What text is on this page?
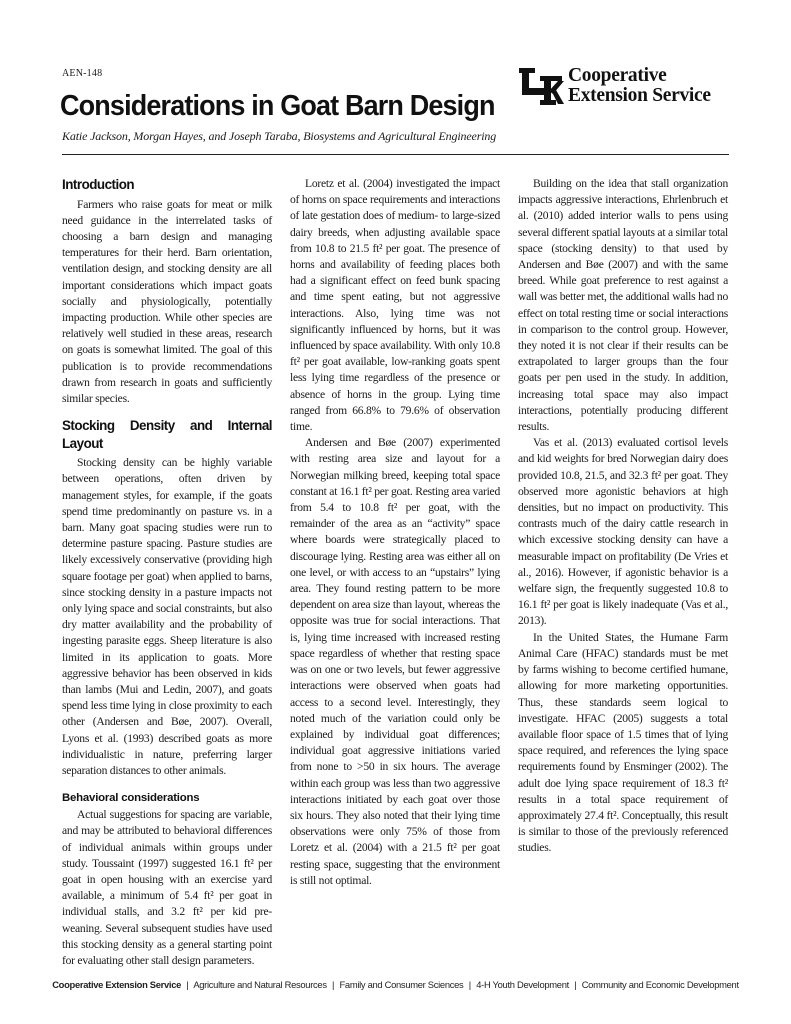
AEN-148
Considerations in Goat Barn Design
Cooperative
Extension Service
Katie Jackson, Morgan Hayes, and Joseph Taraba, Biosystems and Agricultural Engineering
Introduction

Farmers who raise goats for meat or milk need guidance in the interrelated tasks of choosing a barn design and managing temperatures for their herd. Barn orientation, ventilation design, and stocking density are all important considerations which impact goats socially and physiologically, potentially impacting production. While other species are relatively well studied in these areas, research on goats is somewhat limited. The goal of this publication is to provide recommendations drawn from research in goats and sufficiently similar species.

Stocking Density and Internal Layout

Stocking density can be highly variable between operations, often driven by management styles, for example, if the goats spend time predominantly on pasture vs. in a barn. Many goat spacing studies were run to determine pasture spacing. Pasture studies are likely excessively conservative (providing high square footage per goat) when applied to barns, since stocking density in a pasture impacts not only lying space and social constraints, but also dry matter availability and the probability of ingesting parasite eggs. Sheep literature is also limited in its application to goats. More aggressive behavior has been observed in kids than lambs (Mui and Ledin, 2007), and goats spend less time lying in close proximity to each other (Andersen and Bøe, 2007). Overall, Lyons et al. (1993) described goats as more individualistic in nature, preferring larger separation distances to other animals.

Behavioral considerations

Actual suggestions for spacing are variable, and may be attributed to behavioral differences of individual animals within groups under study. Toussaint (1997) suggested 16.1 ft² per goat in open housing with an exercise yard available, a minimum of 5.4 ft² per goat in individual stalls, and 3.2 ft² per kid pre-weaning. Several subsequent studies have used this stocking density as a general starting point for evaluating other stall design parameters.

Loretz et al. (2004) investigated the impact of horns on space requirements and interactions of late gestation does of medium- to large-sized dairy breeds, when adjusting available space from 10.8 to 21.5 ft² per goat. The presence of horns and availability of feeding places both had a significant effect on feed bunk spacing and time spent eating, but not aggressive interactions. Also, lying time was not significantly influenced by horns, but it was influenced by space availability. With only 10.8 ft² per goat available, low-ranking goats spent less lying time regardless of the presence or absence of horns in the group. Lying time ranged from 66.8% to 79.6% of observation time.

Andersen and Bøe (2007) experimented with resting area size and layout for a Norwegian milking breed, keeping total space constant at 16.1 ft² per goat. Resting area varied from 5.4 to 10.8 ft² per goat, with the remainder of the area as an “activity” space where boards were strategically placed to discourage lying. Resting area was either all on one level, or with access to an “upstairs” lying area. They found resting pattern to be more dependent on area size than layout, whereas the opposite was true for social interactions. That is, lying time increased with increased resting space regardless of whether that resting space was on one or two levels, but fewer aggressive interactions were observed when goats had access to a second level. Interestingly, they noted much of the variation could only be explained by individual goat differences; individual goat aggressive initiations varied from none to >50 in six hours. The average within each group was less than two aggressive interactions initiated by each goat over those six hours. They also noted that their lying time observations were only 75% of those from Loretz et al. (2004) with a 21.5 ft² per goat resting space, suggesting that the environment is still not optimal.

Building on the idea that stall organization impacts aggressive interactions, Ehrlenbruch et al. (2010) added interior walls to pens using several different spatial layouts at a similar total space (stocking density) to that used by Andersen and Bøe (2007) and with the same breed. While goat preference to rest against a wall was better met, the additional walls had no effect on total resting time or social interactions in comparison to the control group. However, they noted it is not clear if their results can be extrapolated to larger groups than the four goats per pen used in the study. In addition, increasing total space may also impact interactions, potentially producing different results.

Vas et al. (2013) evaluated cortisol levels and kid weights for bred Norwegian dairy does provided 10.8, 21.5, and 32.3 ft² per goat. They observed more agonistic behaviors at high densities, but no impact on productivity. This contrasts much of the dairy cattle research in which excessive stocking density can have a measurable impact on profitability (De Vries et al., 2016). However, if agonistic behavior is a welfare sign, the frequently suggested 10.8 to 16.1 ft² per goat is likely inadequate (Vas et al., 2013).

In the United States, the Humane Farm Animal Care (HFAC) standards must be met by farms wishing to become certified humane, allowing for more marketing opportunities. Thus, these standards seem logical to investigate. HFAC (2005) suggests a total available floor space of 1.5 times that of lying space required, and references the lying space requirements found by Ensminger (2002). The adult doe lying space requirement of 18.3 ft² results in a total space requirement of approximately 27.4 ft². Conceptually, this result is similar to those of the previously referenced studies.

Cooperative Extension Service | Agriculture and Natural Resources | Family and Consumer Sciences | 4-H Youth Development | Community and Economic Development
